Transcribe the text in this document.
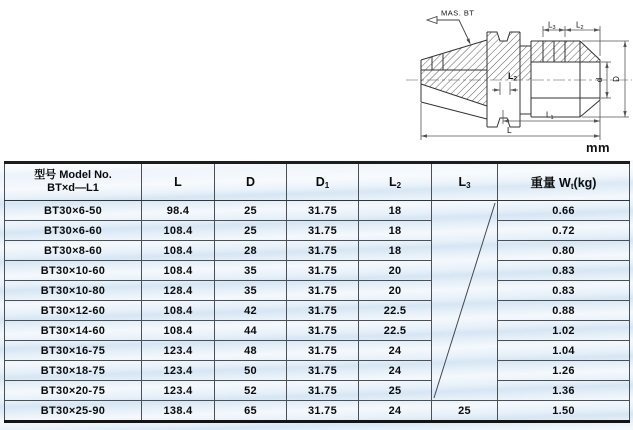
MAS. BT
L3	L2
d D
L2
L1
L
mm
型号 Model No.
BT×d—L1	L	D	$D_1$	$L_2$	$L_3$	重量 $W_t(kg)$
BT30×6-50	98.4	25	31.75	18		0.66
BT30×6-60	108.4	25	31.75	18		0.72
BT30×8-60	108.4	28	31.75	18		0.80
BT30×10-60	108.4	35	31.75	20		0.83
BT30×10-80	128.4	35	31.75	20		0.83
BT30×12-60	108.4	42	31.75	22.5		0.88
BT30×14-60	108.4	44	31.75	22.5		1.02
BT30×16-75	123.4	48	31.75	24		1.04
BT30×18-75	123.4	50	31.75	24		1.26
BT30×20-75	123.4	52	31.75	25		1.36
BT30×25-90	138.4	65	31.75	24	25	1.50
